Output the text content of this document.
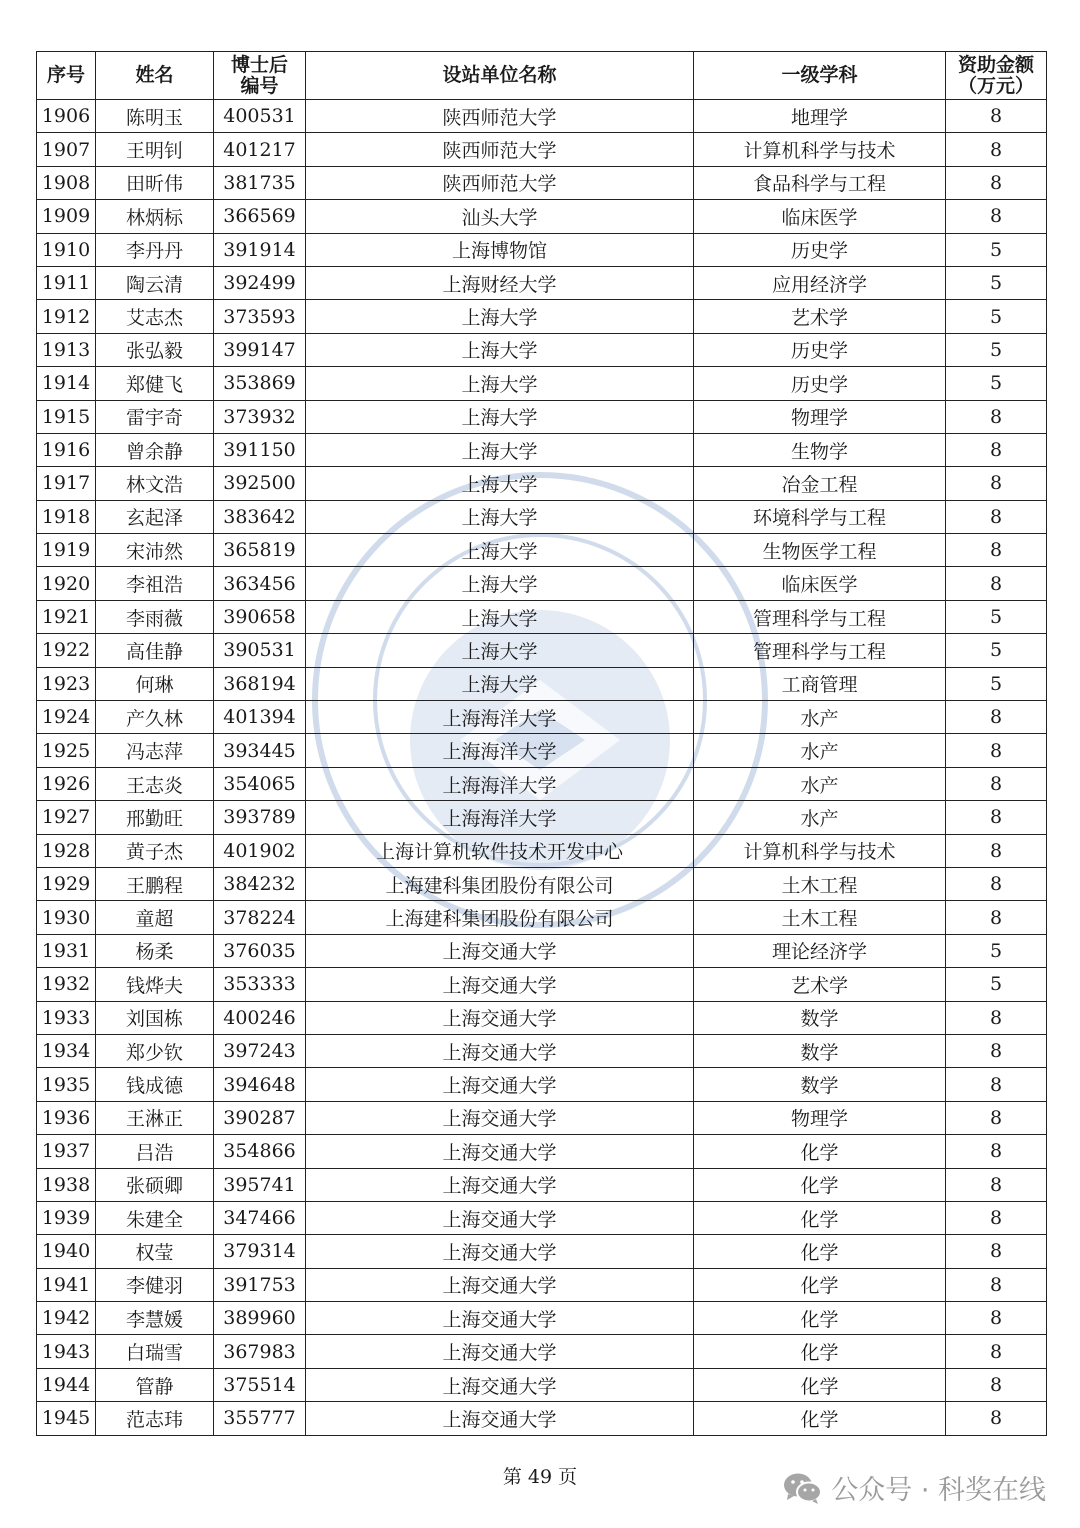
序号	姓名	博士后编号	设站单位名称	一级学科	资助金额（万元）
1906	陈明玉	400531	陕西师范大学	地理学	8
1907	王明钊	401217	陕西师范大学	计算机科学与技术	8
1908	田昕伟	381735	陕西师范大学	食品科学与工程	8
1909	林炳标	366569	汕头大学	临床医学	8
1910	李丹丹	391914	上海博物馆	历史学	5
1911	陶云清	392499	上海财经大学	应用经济学	5
1912	艾志杰	373593	上海大学	艺术学	5
1913	张弘毅	399147	上海大学	历史学	5
1914	郑健飞	353869	上海大学	历史学	5
1915	雷宇奇	373932	上海大学	物理学	8
1916	曾余静	391150	上海大学	生物学	8
1917	林文浩	392500	上海大学	冶金工程	8
1918	玄起泽	383642	上海大学	环境科学与工程	8
1919	宋沛然	365819	上海大学	生物医学工程	8
1920	李祖浩	363456	上海大学	临床医学	8
1921	李雨薇	390658	上海大学	管理科学与工程	5
1922	高佳静	390531	上海大学	管理科学与工程	5
1923	何琳	368194	上海大学	工商管理	5
1924	产久林	401394	上海海洋大学	水产	8
1925	冯志萍	393445	上海海洋大学	水产	8
1926	王志炎	354065	上海海洋大学	水产	8
1927	邢勤旺	393789	上海海洋大学	水产	8
1928	黄子杰	401902	上海计算机软件技术开发中心	计算机科学与技术	8
1929	王鹏程	384232	上海建科集团股份有限公司	土木工程	8
1930	童超	378224	上海建科集团股份有限公司	土木工程	8
1931	杨柔	376035	上海交通大学	理论经济学	5
1932	钱烨夫	353333	上海交通大学	艺术学	5
1933	刘国栋	400246	上海交通大学	数学	8
1934	郑少钦	397243	上海交通大学	数学	8
1935	钱成德	394648	上海交通大学	数学	8
1936	王淋正	390287	上海交通大学	物理学	8
1937	吕浩	354866	上海交通大学	化学	8
1938	张硕卿	395741	上海交通大学	化学	8
1939	朱建全	347466	上海交通大学	化学	8
1940	权莹	379314	上海交通大学	化学	8
1941	李健羽	391753	上海交通大学	化学	8
1942	李慧媛	389960	上海交通大学	化学	8
1943	白瑞雪	367983	上海交通大学	化学	8
1944	管静	375514	上海交通大学	化学	8
1945	范志玮	355777	上海交通大学	化学	8
第 49 页	公众号 · 科奖在线
